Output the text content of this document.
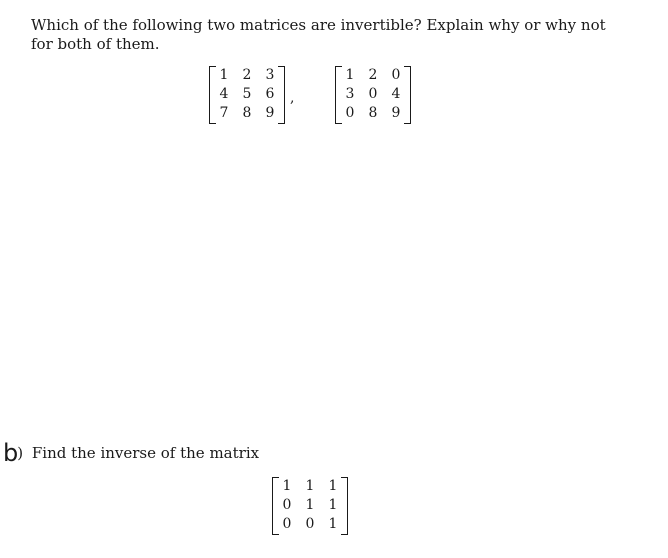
Which of the following two matrices are invertible? Explain why or why not for both of them.
1 2 3
4 5 6
7 8 9
,
1 2 0
3 0 4
0 8 9
b) Find the inverse of the matrix
1 1 1
0 1 1
0 0 1
